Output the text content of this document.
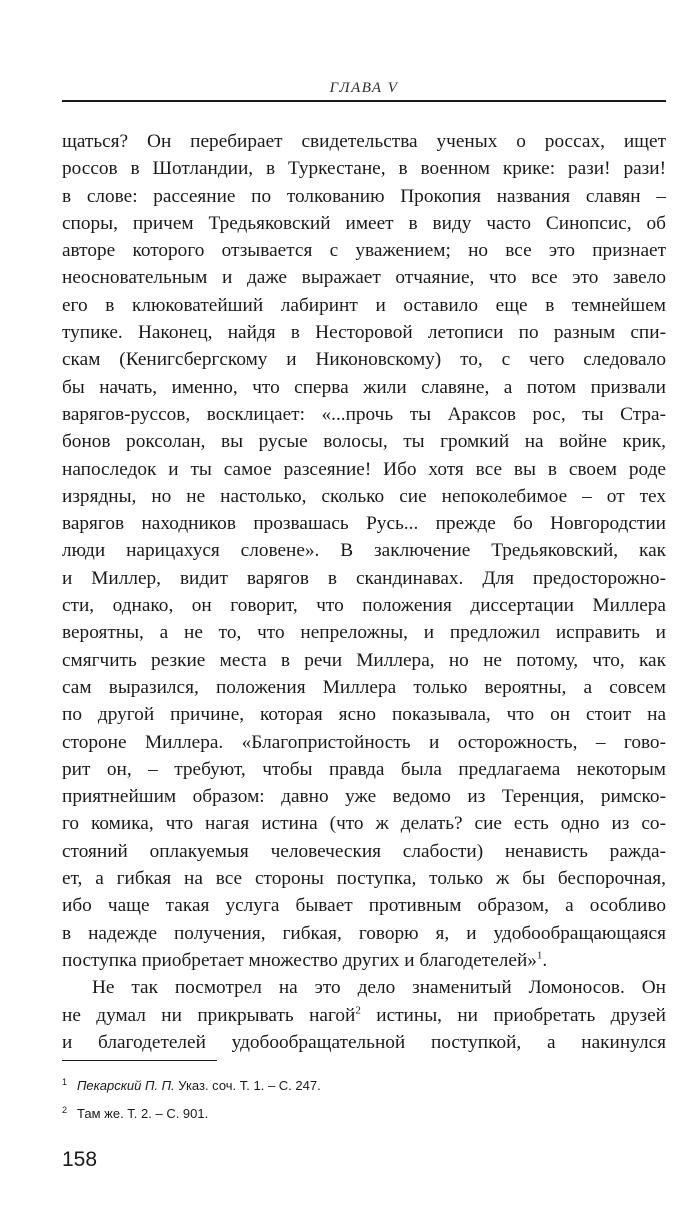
ГЛАВА V
щаться? Он перебирает свидетельства ученых о россах, ищет
россов в Шотландии, в Туркестане, в военном крике: рази! рази!
в слове: рассеяние по толкованию Прокопия названия славян –
споры, причем Тредьяковский имеет в виду часто Синопсис, об
авторе которого отзывается с уважением; но все это признает
неосновательным и даже выражает отчаяние, что все это завело
его в клюковатейший лабиринт и оставило еще в темнейшем
тупике. Наконец, найдя в Несторовой летописи по разным спи-
скам (Кенигсбергскому и Никоновскому) то, с чего следовало
бы начать, именно, что сперва жили славяне, а потом призвали
варягов-руссов, восклицает: «...прочь ты Араксов рос, ты Стра-
бонов роксолан, вы русые волосы, ты громкий на войне крик,
напоследок и ты самое разсеяние! Ибо хотя все вы в своем роде
изрядны, но не настолько, сколько сие непоколебимое – от тех
варягов находников прозвашась Русь... прежде бо Новгородстии
люди нарицахуся словене». В заключение Тредьяковский, как
и Миллер, видит варягов в скандинавах. Для предосторожно-
сти, однако, он говорит, что положения диссертации Миллера
вероятны, а не то, что непреложны, и предложил исправить и
смягчить резкие места в речи Миллера, но не потому, что, как
сам выразился, положения Миллера только вероятны, а совсем
по другой причине, которая ясно показывала, что он стоит на
стороне Миллера. «Благопристойность и осторожность, – гово-
рит он, – требуют, чтобы правда была предлагаема некоторым
приятнейшим образом: давно уже ведомо из Теренция, римско-
го комика, что нагая истина (что ж делать? сие есть одно из со-
стояний оплакуемыя человеческия слабости) ненависть раждa-
ет, а гибкая на все стороны поступка, только ж бы беспорочная,
ибо чаще такая услуга бывает противным образом, а особливо
в надежде получения, гибкая, говорю я, и удобообращающаяся
поступка приобретает множество других и благодетелей»$^1$.
Не так посмотрел на это дело знаменитый Ломоносов. Он
не думал ни прикрывать нагой$^2$ истины, ни приобретать друзей
и благодетелей удобообращательной поступкой, а накинулся
$^1$ Пекарский П. П. Указ. соч. Т. 1. – С. 247.
$^2$ Там же. Т. 2. – С. 901.
158
